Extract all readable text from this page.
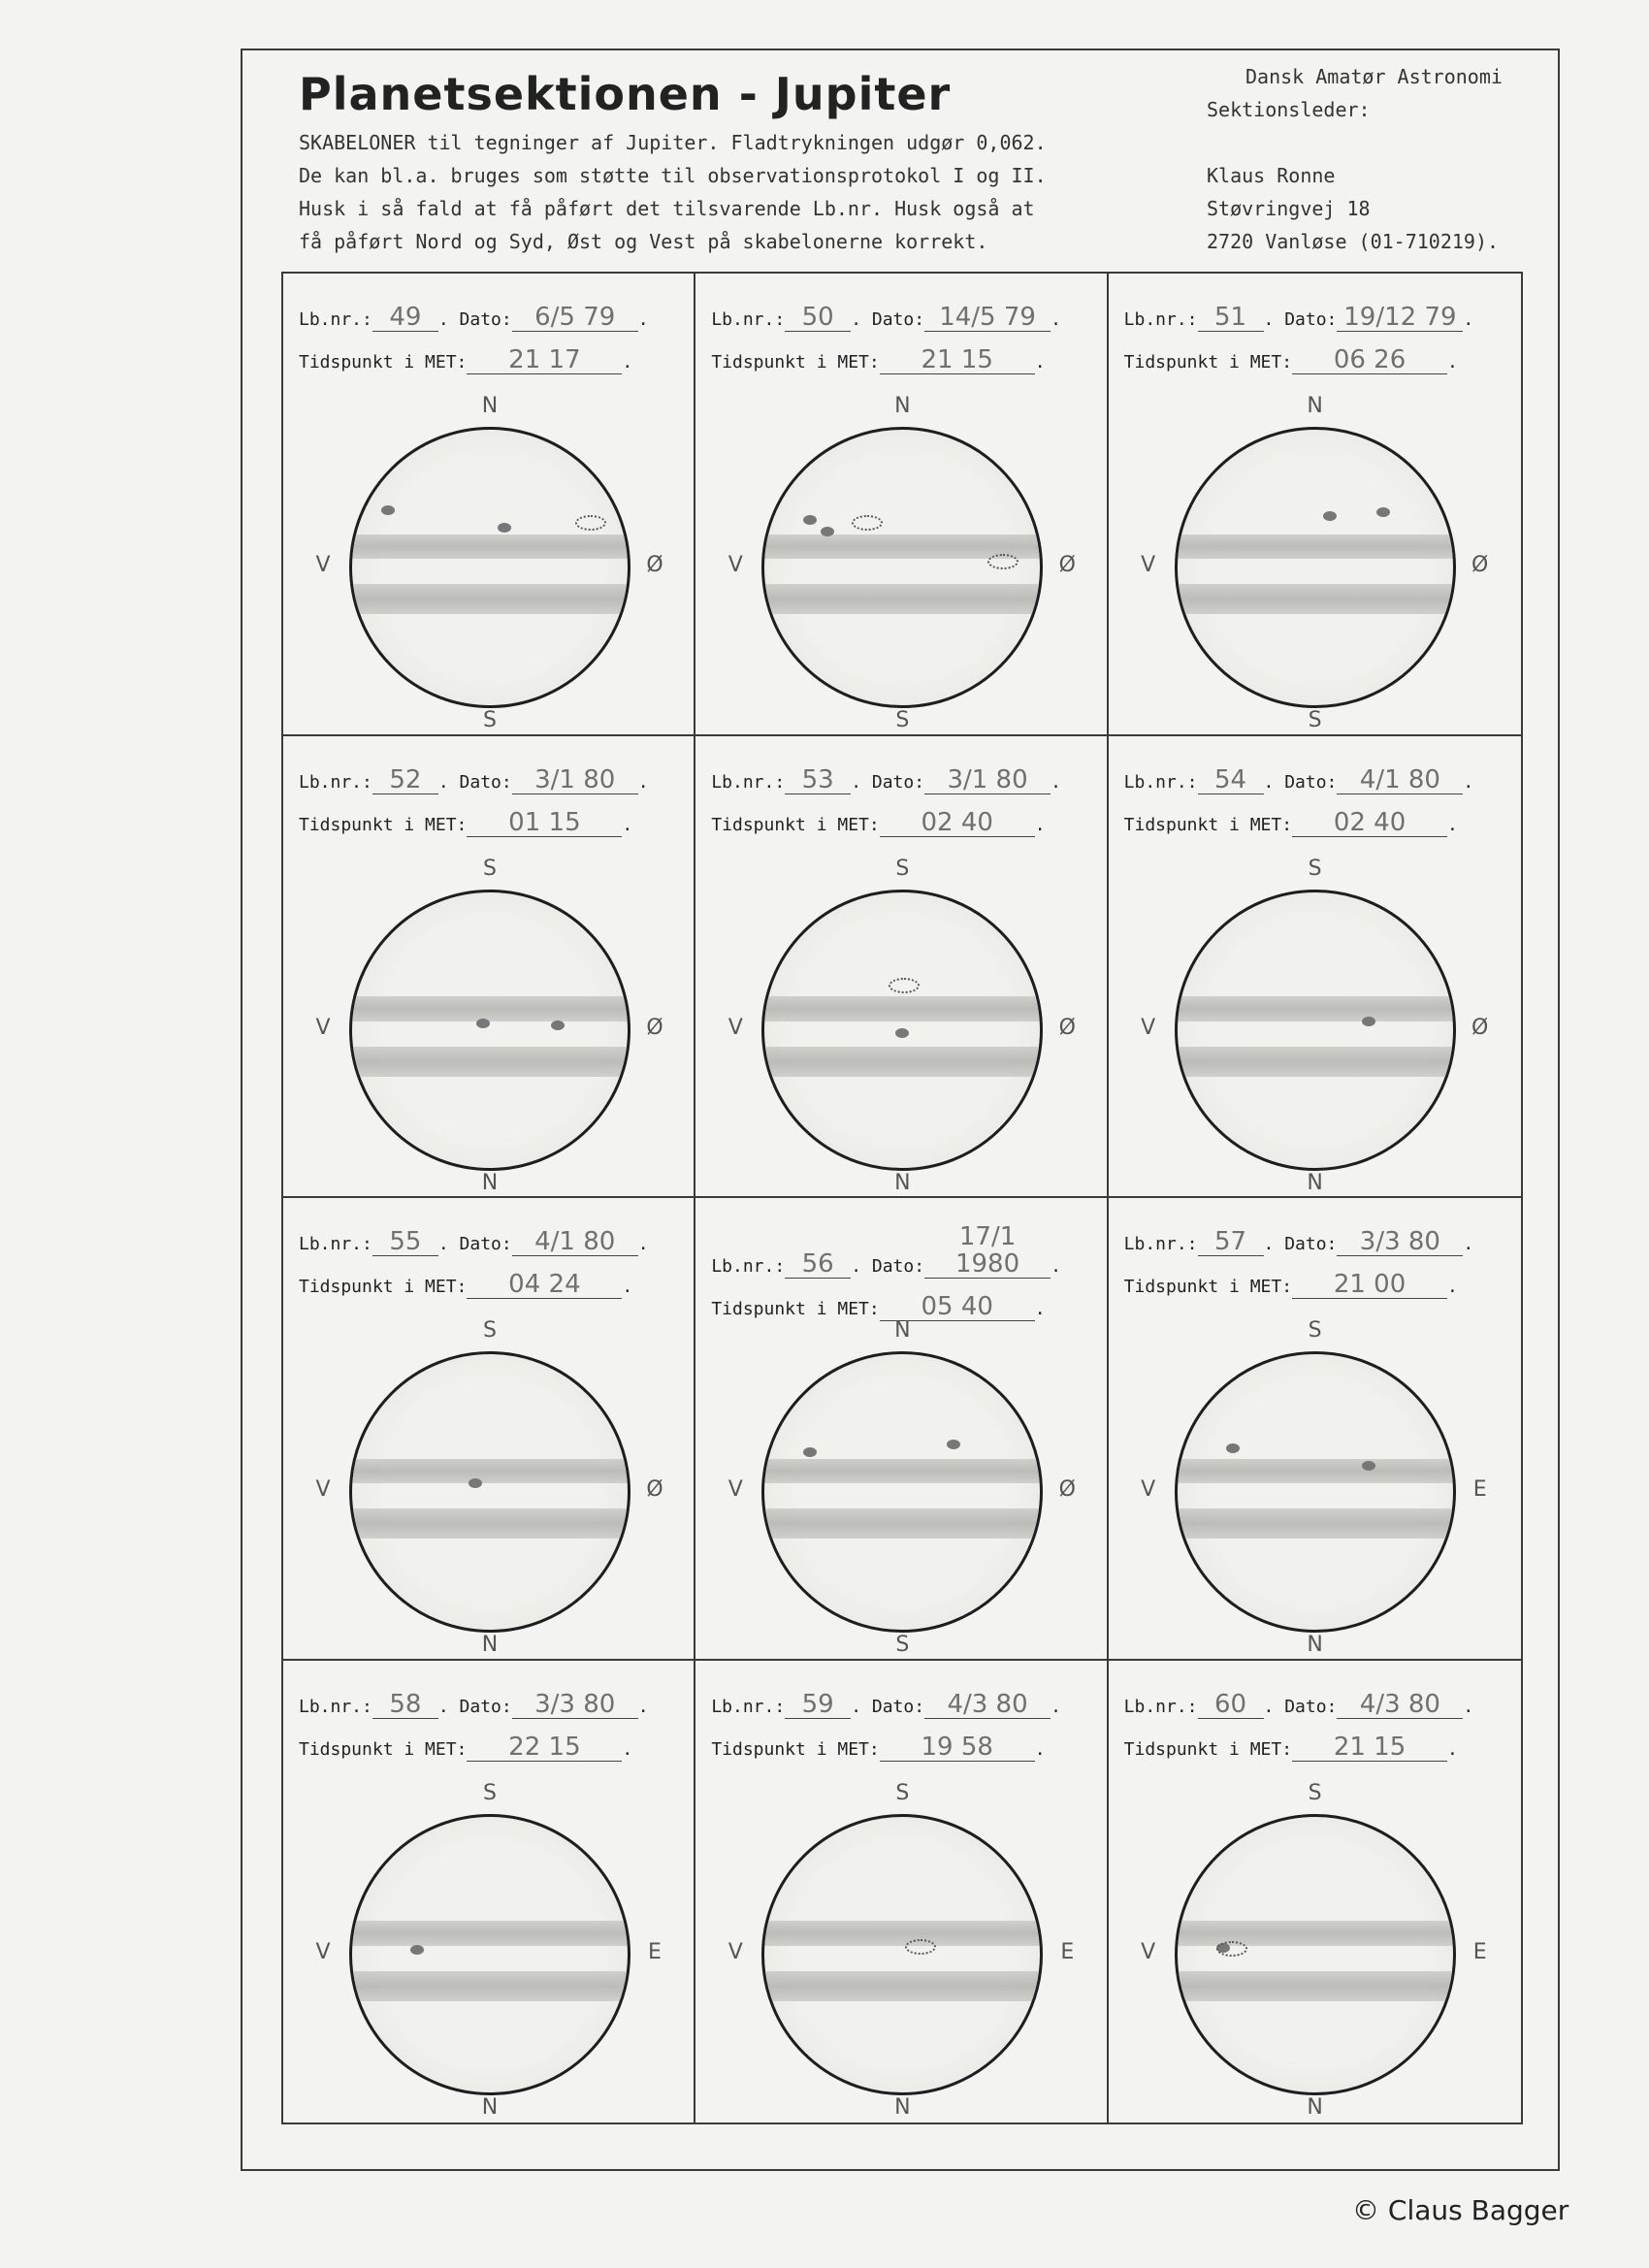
Planetsektionen - Jupiter
SKABELONER til tegninger af Jupiter. Fladtrykningen udgør 0,062.
De kan bl.a. bruges som støtte til observationsprotokol I og II.
Husk i så fald at få påført det tilsvarende Lb.nr. Husk også at
få påført Nord og Syd, Øst og Vest på skabelonerne korrekt.
Dansk Amatør Astronomi
Sektionsleder:
Klaus Ronne
Støvringvej 18
2720 Vanløse (01-710219).
Lb.nr.: 49 . Dato: 6/5 79 .
Tidspunkt i MET: 21 17 .
N
S
V	Ø
Lb.nr.: 50 . Dato: 14/5 79 .
Tidspunkt i MET: 21 15 .
N
S
V	Ø
Lb.nr.: 51 . Dato: 19/12 79 .
Tidspunkt i MET: 06 26 .
N
S
V	Ø
Lb.nr.: 52 . Dato: 3/1 80 .
Tidspunkt i MET: 01 15 .
S
N
V	Ø
Lb.nr.: 53 . Dato: 3/1 80 .
Tidspunkt i MET: 02 40 .
S
N
V	Ø
Lb.nr.: 54 . Dato: 4/1 80 .
Tidspunkt i MET: 02 40 .
S
N
V	Ø
Lb.nr.: 55 . Dato: 4/1 80 .
Tidspunkt i MET: 04 24 .
S
N
V	Ø
Lb.nr.: 56 . Dato:17/1 1980 .
Tidspunkt i MET: 05 40 .
N
S
V	Ø
Lb.nr.: 57 . Dato: 3/3 80 .
Tidspunkt i MET: 21 00 .
S
N
V	E
Lb.nr.: 58 . Dato: 3/3 80 .
Tidspunkt i MET: 22 15 .
S
N
V	E
Lb.nr.: 59 . Dato: 4/3 80 .
Tidspunkt i MET: 19 58 .
S
N
V	E
Lb.nr.: 60 . Dato: 4/3 80 .
Tidspunkt i MET: 21 15 .
S
N
V	E
© Claus Bagger
